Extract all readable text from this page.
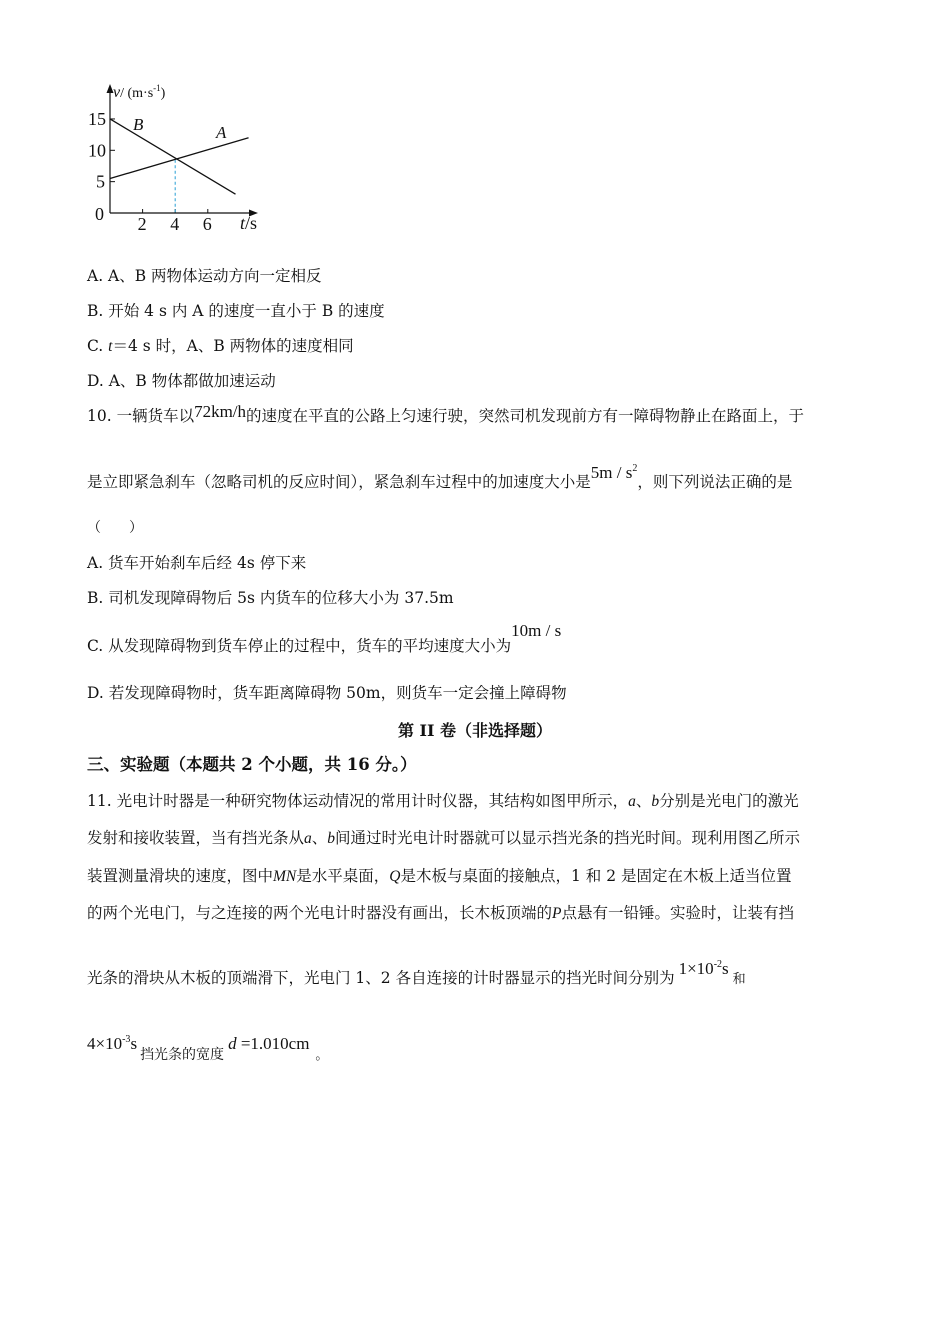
2 4 6
5
10
15 B	A
v/ $(m\cdot s^{-1})$
t/s
0
A. A、B 两物体运动方向一定相反
B. 开始 4 s 内 A 的速度一直小于 B 的速度
C. t＝4 s 时，A、B 两物体的速度相同
D. A、B 物体都做加速运动
10. 一辆货车以72km/h的速度在平直的公路上匀速行驶，突然司机发现前方有一障碍物静止在路面上，于
是立即紧急刹车（忽略司机的反应时间），紧急刹车过程中的加速度大小是$5m / s^2$，则下列说法正确的是
（　　）
A. 货车开始刹车后经 4s 停下来
B. 司机发现障碍物后 5s 内货车的位移大小为 37.5m
C. 从发现障碍物到货车停止的过程中，货车的平均速度大小为10m / s
D. 若发现障碍物时，货车距离障碍物 50m，则货车一定会撞上障碍物
第 II 卷（非选择题）
三、实验题（本题共 2 个小题，共 16 分。）
11. 光电计时器是一种研究物体运动情况的常用计时仪器，其结构如图甲所示，a、b分别是光电门的激光
发射和接收装置，当有挡光条从a、b间通过时光电计时器就可以显示挡光条的挡光时间。现利用图乙所示
装置测量滑块的速度，图中MN是水平桌面，Q是木板与桌面的接触点，1 和 2 是固定在木板上适当位置
的两个光电门，与之连接的两个光电计时器没有画出，长木板顶端的P点悬有一铅锤。实验时，让装有挡
光条的滑块从木板的顶端滑下，光电门 1、2 各自连接的计时器显示的挡光时间分别为 $1\times 10^{-2}s$和
$4\times 10^{-3}s$挡光条的宽度d =1.010cm。
